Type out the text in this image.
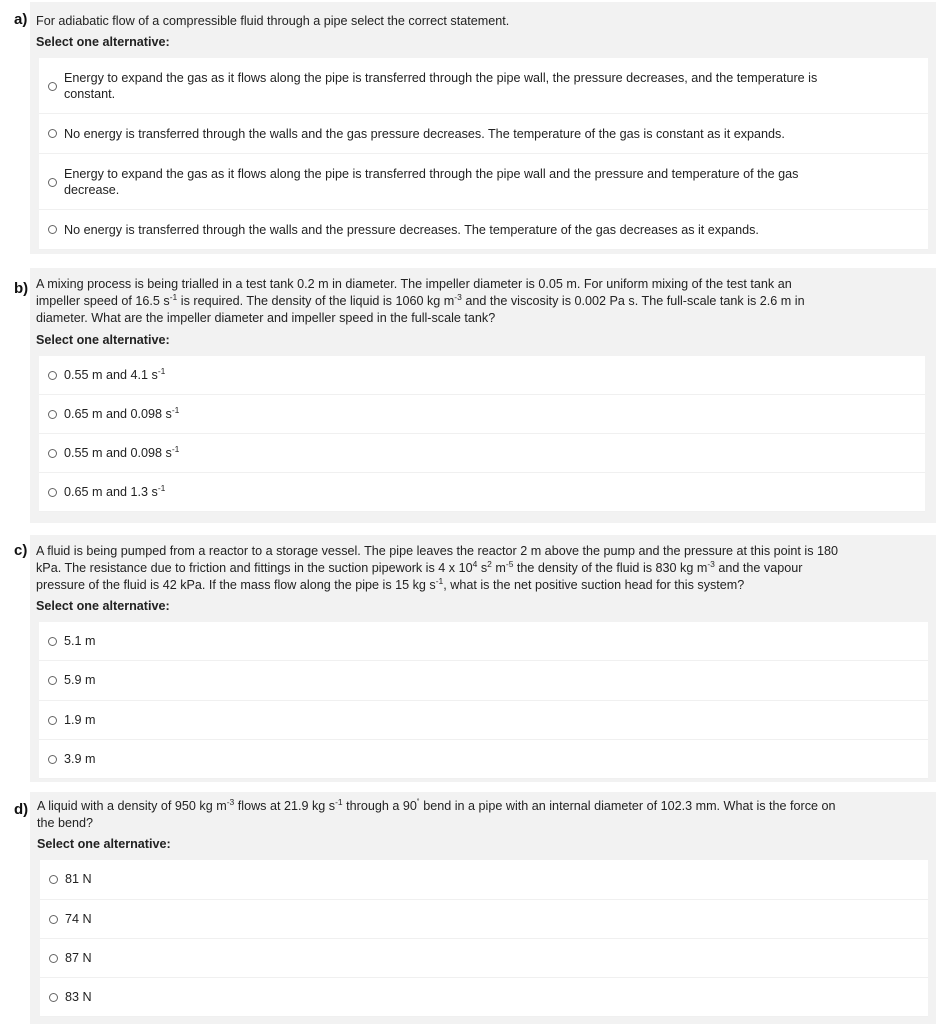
a) For adiabatic flow of a compressible fluid through a pipe select the correct statement.
Select one alternative:
Energy to expand the gas as it flows along the pipe is transferred through the pipe wall, the pressure decreases, and the temperature is
constant.
No energy is transferred through the walls and the gas pressure decreases. The temperature of the gas is constant as it expands.
Energy to expand the gas as it flows along the pipe is transferred through the pipe wall and the pressure and temperature of the gas
decrease.
No energy is transferred through the walls and the pressure decreases. The temperature of the gas decreases as it expands.
b) A mixing process is being trialled in a test tank 0.2 m in diameter. The impeller diameter is 0.05 m. For uniform mixing of the test tank an
impeller speed of 16.5 $s^{-1}$ is required. The density of the liquid is 1060 kg $m^{-3}$ and the viscosity is 0.002 Pa s. The full-scale tank is 2.6 m in
diameter. What are the impeller diameter and impeller speed in the full-scale tank?
Select one alternative:
0.55 m and 4.1 $s^{-1}$
0.65 m and 0.098 $s^{-1}$
0.55 m and 0.098 $s^{-1}$
0.65 m and 1.3 $s^{-1}$
c) A fluid is being pumped from a reactor to a storage vessel. The pipe leaves the reactor 2 m above the pump and the pressure at this point is 180
kPa. The resistance due to friction and fittings in the suction pipework is 4 x $10^4$ $s^2$ $m^{-5}$ the density of the fluid is 830 kg $m^{-3}$ and the vapour
pressure of the fluid is 42 kPa. If the mass flow along the pipe is 15 kg $s^{-1}$, what is the net positive suction head for this system?
Select one alternative:
5.1 m
5.9 m
1.9 m
3.9 m
d) A liquid with a density of 950 kg $m^{-3}$ flows at 21.9 kg $s^{-1}$ through a 90˚ bend in a pipe with an internal diameter of 102.3 mm. What is the force on
the bend?
Select one alternative:
81 N
74 N
87 N
83 N
